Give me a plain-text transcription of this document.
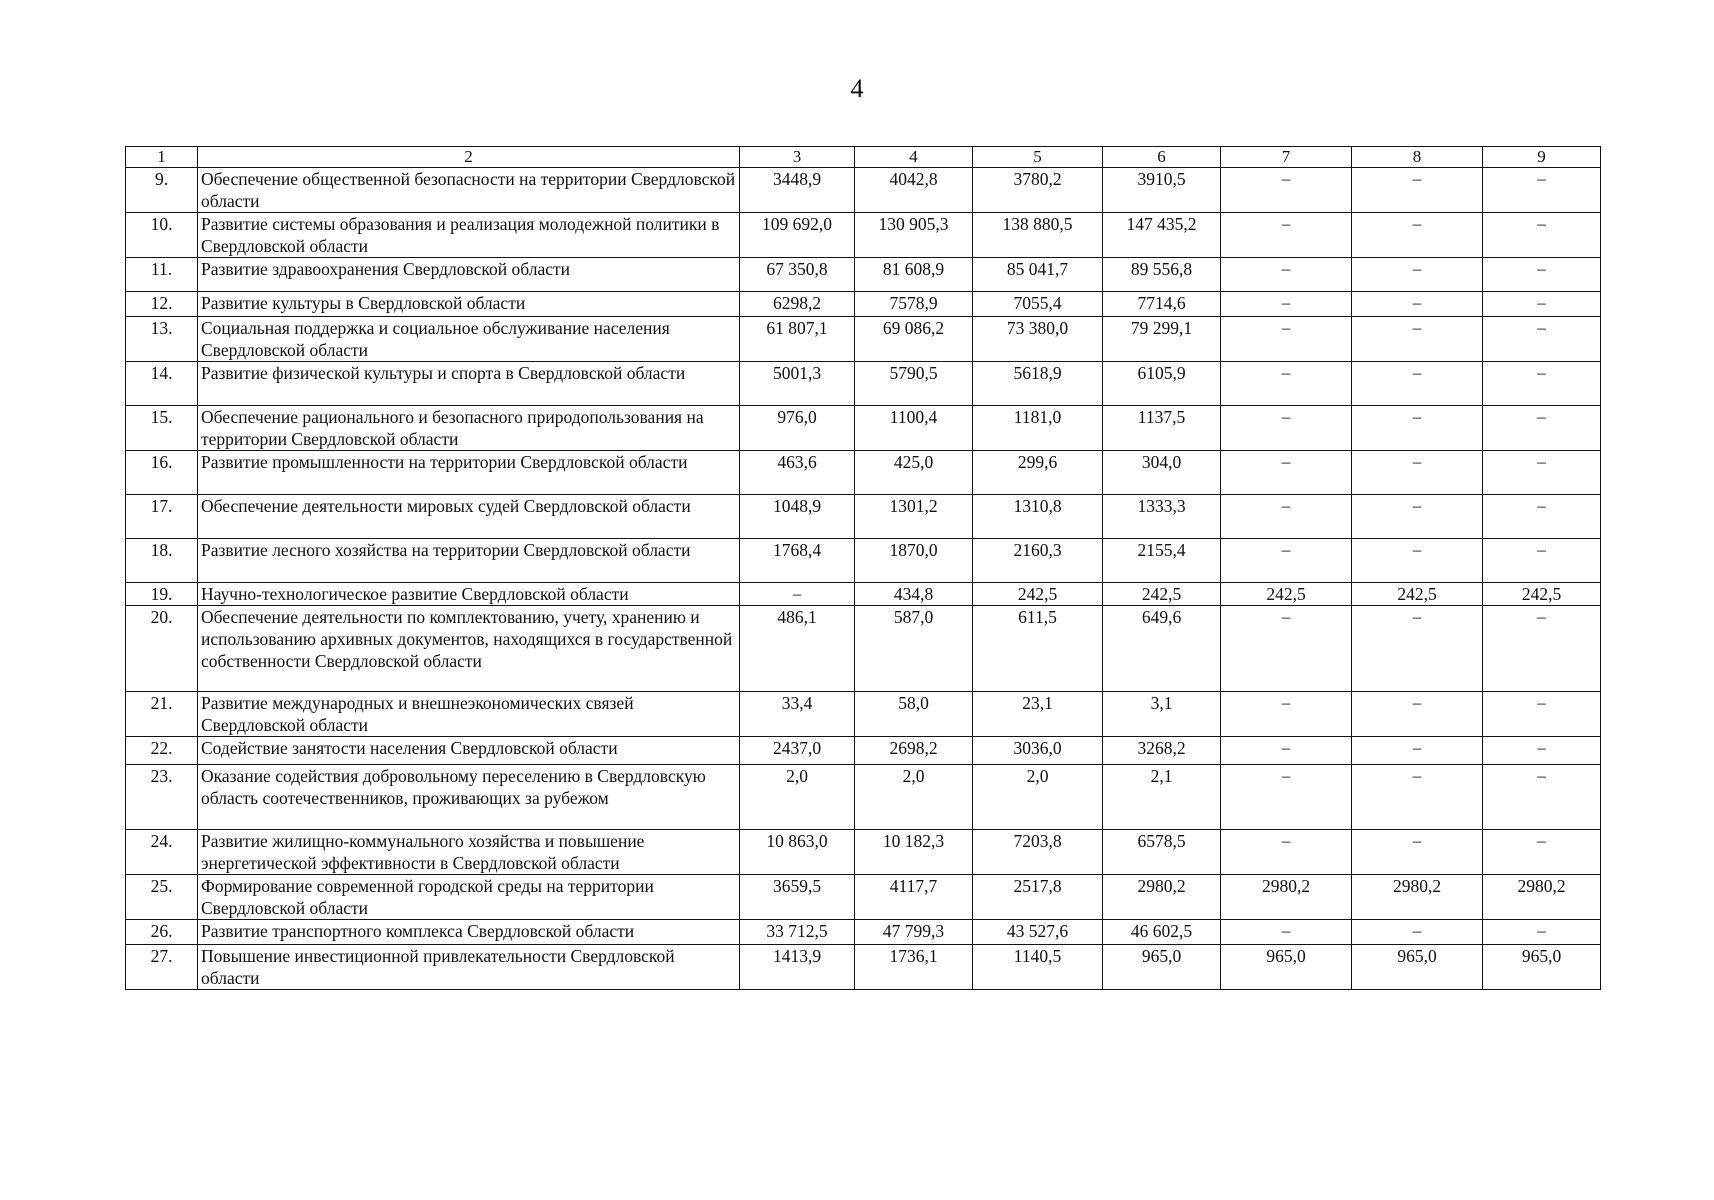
4
1	2	3	4	5	6	7	8	9
9.	Обеспечение общественной безопасности на территории Свердловской области	3448,9	4042,8	3780,2	3910,5	–	–	–
10.	Развитие системы образования и реализация молодежной политики в Свердловской области	109 692,0	130 905,3	138 880,5	147 435,2	–	–	–
11.	Развитие здравоохранения Свердловской области	67 350,8	81 608,9	85 041,7	89 556,8	–	–	–
12.	Развитие культуры в Свердловской области	6298,2	7578,9	7055,4	7714,6	–	–	–
13.	Социальная поддержка и социальное обслуживание населения Свердловской области	61 807,1	69 086,2	73 380,0	79 299,1	–	–	–
14.	Развитие физической культуры и спорта в Свердловской области	5001,3	5790,5	5618,9	6105,9	–	–	–
15.	Обеспечение рационального и безопасного природопользования на территории Свердловской области	976,0	1100,4	1181,0	1137,5	–	–	–
16.	Развитие промышленности на территории Свердловской области	463,6	425,0	299,6	304,0	–	–	–
17.	Обеспечение деятельности мировых судей Свердловской области	1048,9	1301,2	1310,8	1333,3	–	–	–
18.	Развитие лесного хозяйства на территории Свердловской области	1768,4	1870,0	2160,3	2155,4	–	–	–
19.	Научно-технологическое развитие Свердловской области	–	434,8	242,5	242,5	242,5	242,5	242,5
20.	Обеспечение деятельности по комплектованию, учету, хранению и использованию архивных документов, находящихся в государственной собственности Свердловской области	486,1	587,0	611,5	649,6	–	–	–
21.	Развитие международных и внешнеэкономических связей Свердловской области	33,4	58,0	23,1	3,1	–	–	–
22.	Содействие занятости населения Свердловской области	2437,0	2698,2	3036,0	3268,2	–	–	–
23.	Оказание содействия добровольному переселению в Свердловскую область соотечественников, проживающих за рубежом	2,0	2,0	2,0	2,1	–	–	–
24.	Развитие жилищно-коммунального хозяйства и повышение энергетической эффективности в Свердловской области	10 863,0	10 182,3	7203,8	6578,5	–	–	–
25.	Формирование современной городской среды на территории Свердловской области	3659,5	4117,7	2517,8	2980,2	2980,2	2980,2	2980,2
26.	Развитие транспортного комплекса Свердловской области	33 712,5	47 799,3	43 527,6	46 602,5	–	–	–
27.	Повышение инвестиционной привлекательности Свердловской области	1413,9	1736,1	1140,5	965,0	965,0	965,0	965,0
